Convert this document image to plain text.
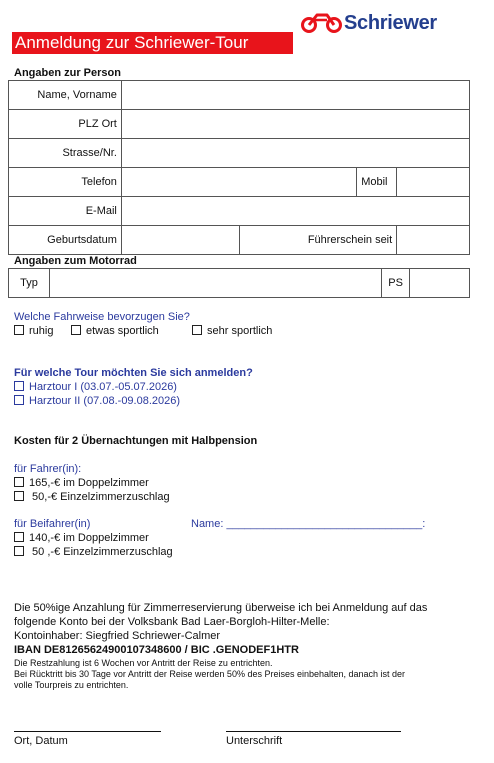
Anmeldung zur Schriewer-Tour
Schriewer
Angaben zur Person
Name, Vorname				
PLZ Ort				
Strasse/Nr.				
Telefon			Mobil	
E-Mail				
Geburtsdatum		Führerschein seit		
Angaben zum Motorrad
Typ		PS	
Welche Fahrweise bevorzugen Sie?
ruhig	etwas sportlich	sehr sportlich
Für welche Tour möchten Sie sich anmelden?
Harztour I (03.07.-05.07.2026)
Harztour II (07.08.-09.08.2026)
Kosten für 2 Übernachtungen mit Halbpension
für Fahrer(in):
165,-€ im Doppelzimmer
50,-€ Einzelzimmerzuschlag
für Beifahrer(in)	Name: ________________________________:
140,-€ im Doppelzimmer
50 ,-€ Einzelzimmerzuschlag
Die 50%ige Anzahlung für Zimmerreservierung überweise ich bei Anmeldung auf das
folgende Konto bei der Volksbank Bad Laer-Borgloh-Hilter-Melle:
Kontoinhaber: Siegfried Schriewer-Calmer
IBAN DE81265624900107348600 / BIC .GENODEF1HTR
Die Restzahlung ist 6 Wochen vor Antritt der Reise zu entrichten.
Bei Rücktritt bis 30 Tage vor Antritt der Reise werden 50% des Preises einbehalten, danach ist der
volle Tourpreis zu entrichten.
Ort, Datum	Unterschrift
